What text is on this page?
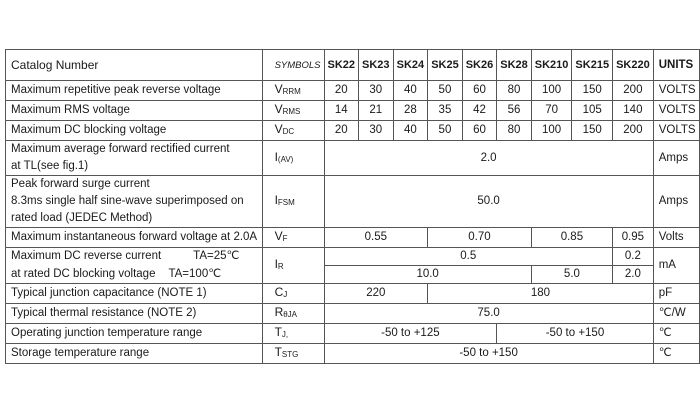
Catalog Number	SYMBOLS	SK22	SK23	SK24	SK25	SK26	SK28	SK210	SK215	SK220	UNITS
Maximum repetitive peak reverse voltage	VRRM	20	30	40	50	60	80	100	150	200	VOLTS
Maximum RMS voltage	VRMS	14	21	28	35	42	56	70	105	140	VOLTS
Maximum DC blocking voltage	VDC	20	30	40	50	60	80	100	150	200	VOLTS

Maximum average forward rectified current
at TL(see fig.1)	I(AV)	2.0									Amps

Peak forward surge current
8.3ms single half sine-wave superimposed on
rated load (JEDEC Method)	IFSM	50.0									Amps
Maximum instantaneous forward voltage at 2.0A	VF	0.55			0.70			0.85		0.95	Volts
Maximum DC reverse current TA=25℃	IR	0.5								0.2	mA
at rated DC blocking voltage TA=100℃		10.0						5.0		2.0	
Typical junction capacitance (NOTE 1)	CJ	220			180						pF
Typical thermal resistance (NOTE 2)	RθJA	75.0									℃/W
Operating junction temperature range	TJ,	-50 to +125					-50 to +150				℃
Storage temperature range	TSTG	-50 to +150									℃
